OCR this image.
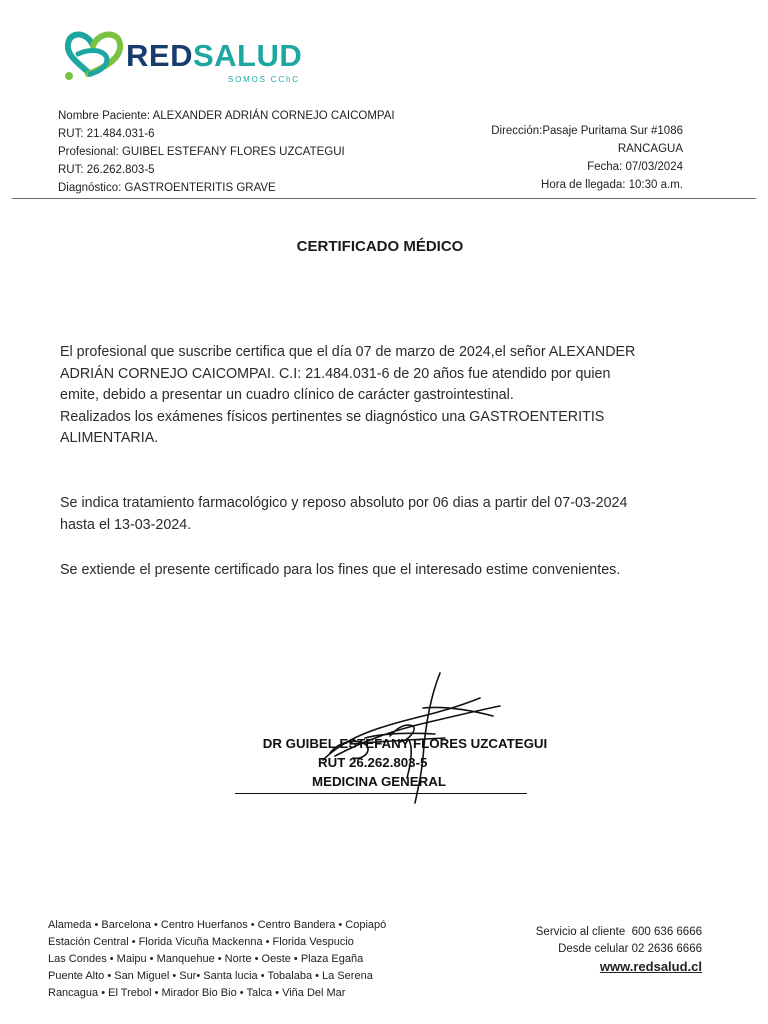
REDSALUD
SOMOS CChC
Nombre Paciente: ALEXANDER ADRIÁN CORNEJO CAICOMPAI
RUT: 21.484.031-6
Profesional: GUIBEL ESTEFANY FLORES UZCATEGUI
RUT: 26.262.803-5
Diagnóstico: GASTROENTERITIS GRAVE
Dirección:Pasaje Puritama Sur #1086
RANCAGUA
Fecha: 07/03/2024
Hora de llegada: 10:30 a.m.
CERTIFICADO MÉDICO
El profesional que suscribe certifica que el día 07 de marzo de 2024,el señor ALEXANDER
ADRIÁN CORNEJO CAICOMPAI. C.I: 21.484.031-6 de 20 años fue atendido por quien
emite, debido a presentar un cuadro clínico de carácter gastrointestinal.
Realizados los exámenes físicos pertinentes se diagnóstico una GASTROENTERITIS
ALIMENTARIA.
Se indica tratamiento farmacológico y reposo absoluto por 06 dias a partir del 07-03-2024
hasta el 13-03-2024.
Se extiende el presente certificado para los fines que el interesado estime convenientes.
DR GUIBEL ESTEFANY FLORES UZCATEGUI
RUT 26.262.803-5
MEDICINA GENERAL
Alameda • Barcelona • Centro Huerfanos • Centro Bandera • Copiapó
Estación Central • Florida Vicuña Mackenna • Florida Vespucio
Las Condes • Maipu • Manquehue • Norte • Oeste • Plaza Egaña
Puente Alto • San Miguel • Sur• Santa lucia • Tobalaba • La Serena
Rancagua • El Trebol • Mirador Bio Bio • Talca • Viña Del Mar
Servicio al cliente 600 636 6666
Desde celular 02 2636 6666
www.redsalud.cl
